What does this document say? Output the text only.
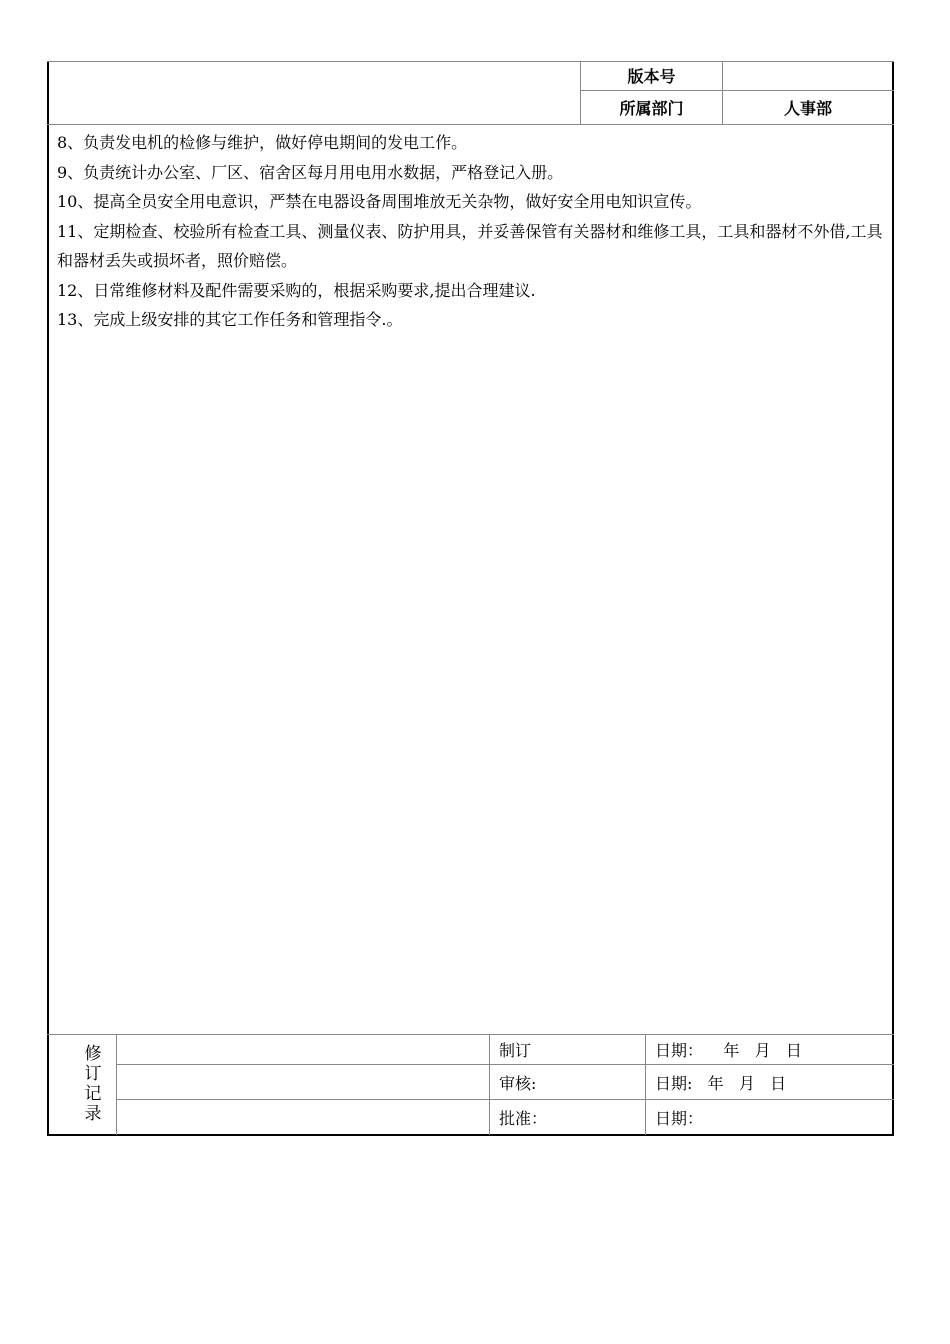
版本号
所属部门	人事部

8、负责发电机的检修与维护，做好停电期间的发电工作。

9、负责统计办公室、厂区、宿舍区每月用电用水数据，严格登记入册。

10、提高全员安全用电意识，严禁在电器设备周围堆放无关杂物，做好安全用电知识宣传。

11、定期检查、校验所有检查工具、测量仪表、防护用具，并妥善保管有关器材和维修工具，工具和器材不外借,工具和器材丢失或损坏者，照价赔偿。

12、日常维修材料及配件需要采购的，根据采购要求,提出合理建议.

13、完成上级安排的其它工作任务和管理指令.。

修
订
记
录
制订	日期：    年   月   日
审核:	日期:   年   月   日
批准：	日期：
